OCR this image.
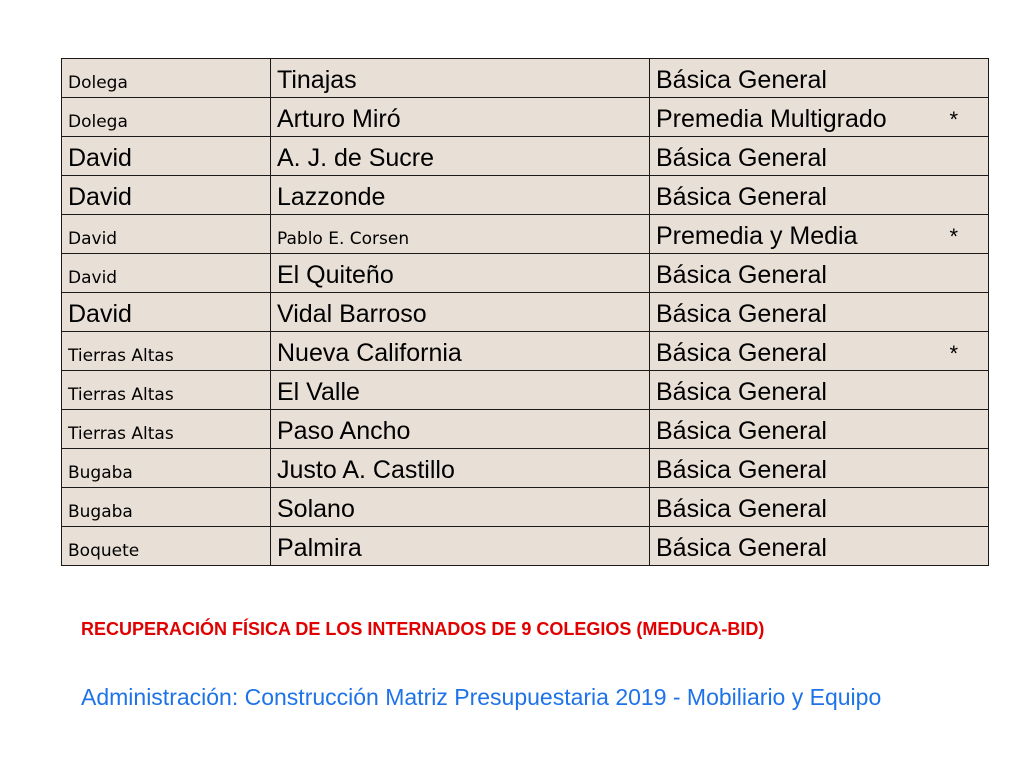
Dolega	Tinajas	Básica General

Dolega	Arturo Miró	Premedia Multigrado *

David	A. J. de Sucre	Básica General

David	Lazzonde	Básica General

David	Pablo E. Corsen	Premedia y Media *

David	El Quiteño	Básica General

David	Vidal Barroso	Básica General

Tierras Altas	Nueva California	Básica General *

Tierras Altas	El Valle	Básica General

Tierras Altas	Paso Ancho	Básica General

Bugaba	Justo A. Castillo	Básica General

Bugaba	Solano	Básica General

Boquete	Palmira	Básica General
RECUPERACIÓN FÍSICA DE LOS INTERNADOS DE 9 COLEGIOS (MEDUCA-BID)
Administración: Construcción Matriz Presupuestaria 2019 - Mobiliario y Equipo
